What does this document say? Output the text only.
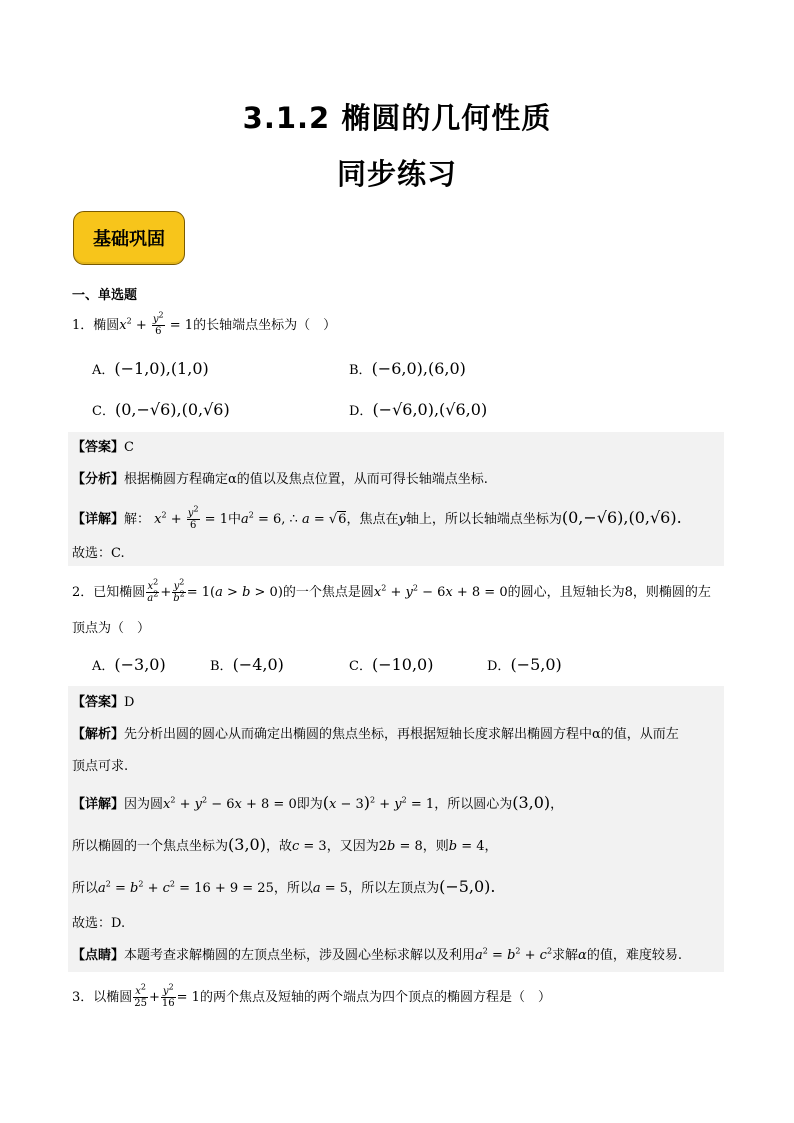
3.1.2 椭圆的几何性质
同步练习
基础巩固
一、单选题
1．椭圆$x^2 + \frac{y^2}{6} = 1$的长轴端点坐标为（　）
A．(−1,0),(1,0)	B．(−6,0),(6,0)
C．(0,−√6),(0,√6)	D．(−√6,0),(√6,0)
【答案】C
【分析】根据椭圆方程确定α的值以及焦点位置，从而可得长轴端点坐标.
【详解】解： $x^2 + \frac{y^2}{6} = 1$中$a^2 = 6$, ∴ a = √6，焦点在y轴上，所以长轴端点坐标为(0,−√6),(0,√6).
故选：C.
2．已知椭圆 $\frac{x^2}{a^2} + \frac{y^2}{b^2} = 1(a > b > 0)$的一个焦点是圆$x^2 + y^2 - 6x + 8 = 0$的圆心，且短轴长为8，则椭圆的左
顶点为（　）
A．(−3,0)	B．(−4,0)	C．(−10,0)	D．(−5,0)
【答案】D
【解析】先分析出圆的圆心从而确定出椭圆的焦点坐标，再根据短轴长度求解出椭圆方程中α的值，从而左
顶点可求.
【详解】因为圆$x^2 + y^2 - 6x + 8 = 0$即为$(x - 3)^2 + y^2 = 1$，所以圆心为(3,0)，
所以椭圆的一个焦点坐标为(3,0)，故c = 3，又因为2b = 8，则b = 4，
所以$a^2 = b^2 + c^2 = 16 + 9 = 25$，所以a = 5，所以左顶点为(−5,0).
故选：D.
【点睛】本题考查求解椭圆的左顶点坐标，涉及圆心坐标求解以及利用$a^2 = b^2 + c^2$求解α的值，难度较易.
3．以椭圆 $\frac{x^2}{25} + \frac{y^2}{16} = 1$的两个焦点及短轴的两个端点为四个顶点的椭圆方程是（　）
